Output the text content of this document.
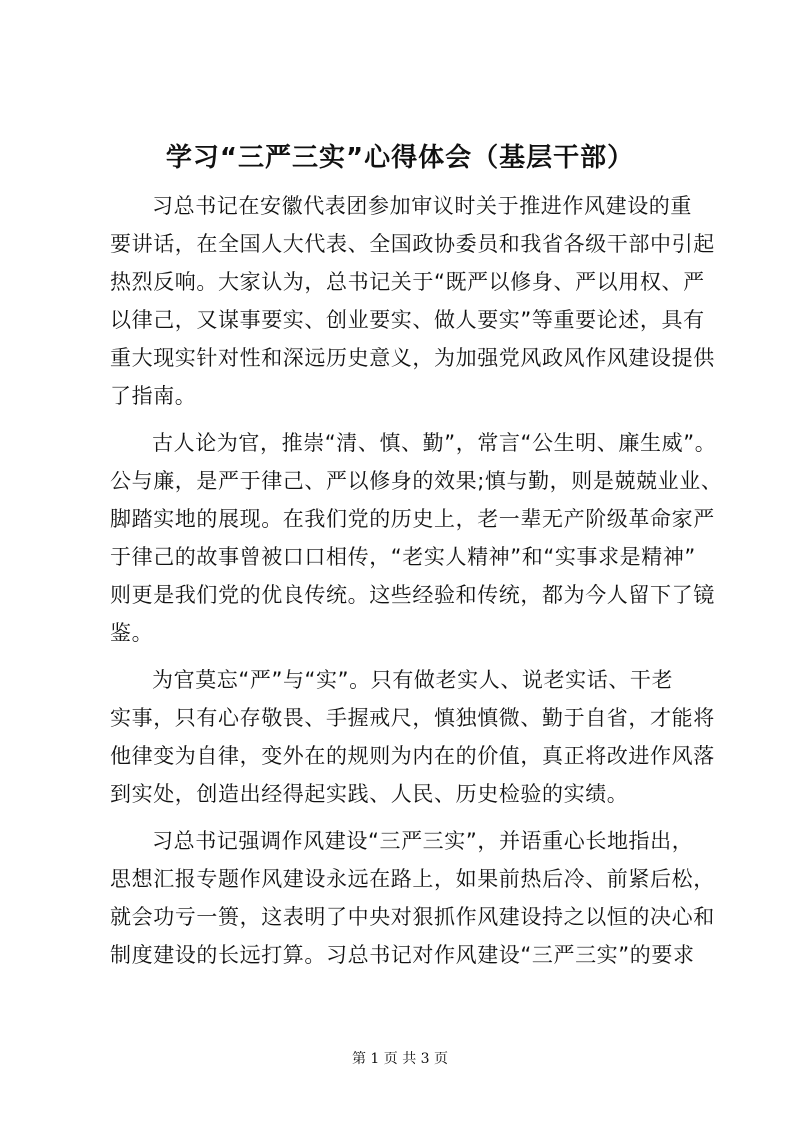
学习“三严三实”心得体会（基层干部）
习总书记在安徽代表团参加审议时关于推进作风建设的重
要讲话，在全国人大代表、全国政协委员和我省各级干部中引起
热烈反响。大家认为，总书记关于“既严以修身、严以用权、严
以律己，又谋事要实、创业要实、做人要实”等重要论述，具有
重大现实针对性和深远历史意义，为加强党风政风作风建设提供
了指南。
古人论为官，推崇“清、慎、勤”，常言“公生明、廉生威”。
公与廉，是严于律己、严以修身的效果;慎与勤，则是兢兢业业、
脚踏实地的展现。在我们党的历史上，老一辈无产阶级革命家严
于律己的故事曾被口口相传，“老实人精神”和“实事求是精神”
则更是我们党的优良传统。这些经验和传统，都为今人留下了镜
鉴。
为官莫忘“严”与“实”。只有做老实人、说老实话、干老
实事，只有心存敬畏、手握戒尺，慎独慎微、勤于自省，才能将
他律变为自律，变外在的规则为内在的价值，真正将改进作风落
到实处，创造出经得起实践、人民、历史检验的实绩。
习总书记强调作风建设“三严三实”，并语重心长地指出，
思想汇报专题作风建设永远在路上，如果前热后冷、前紧后松，
就会功亏一篑，这表明了中央对狠抓作风建设持之以恒的决心和
制度建设的长远打算。习总书记对作风建设“三严三实”的要求
第 1 页 共 3 页
